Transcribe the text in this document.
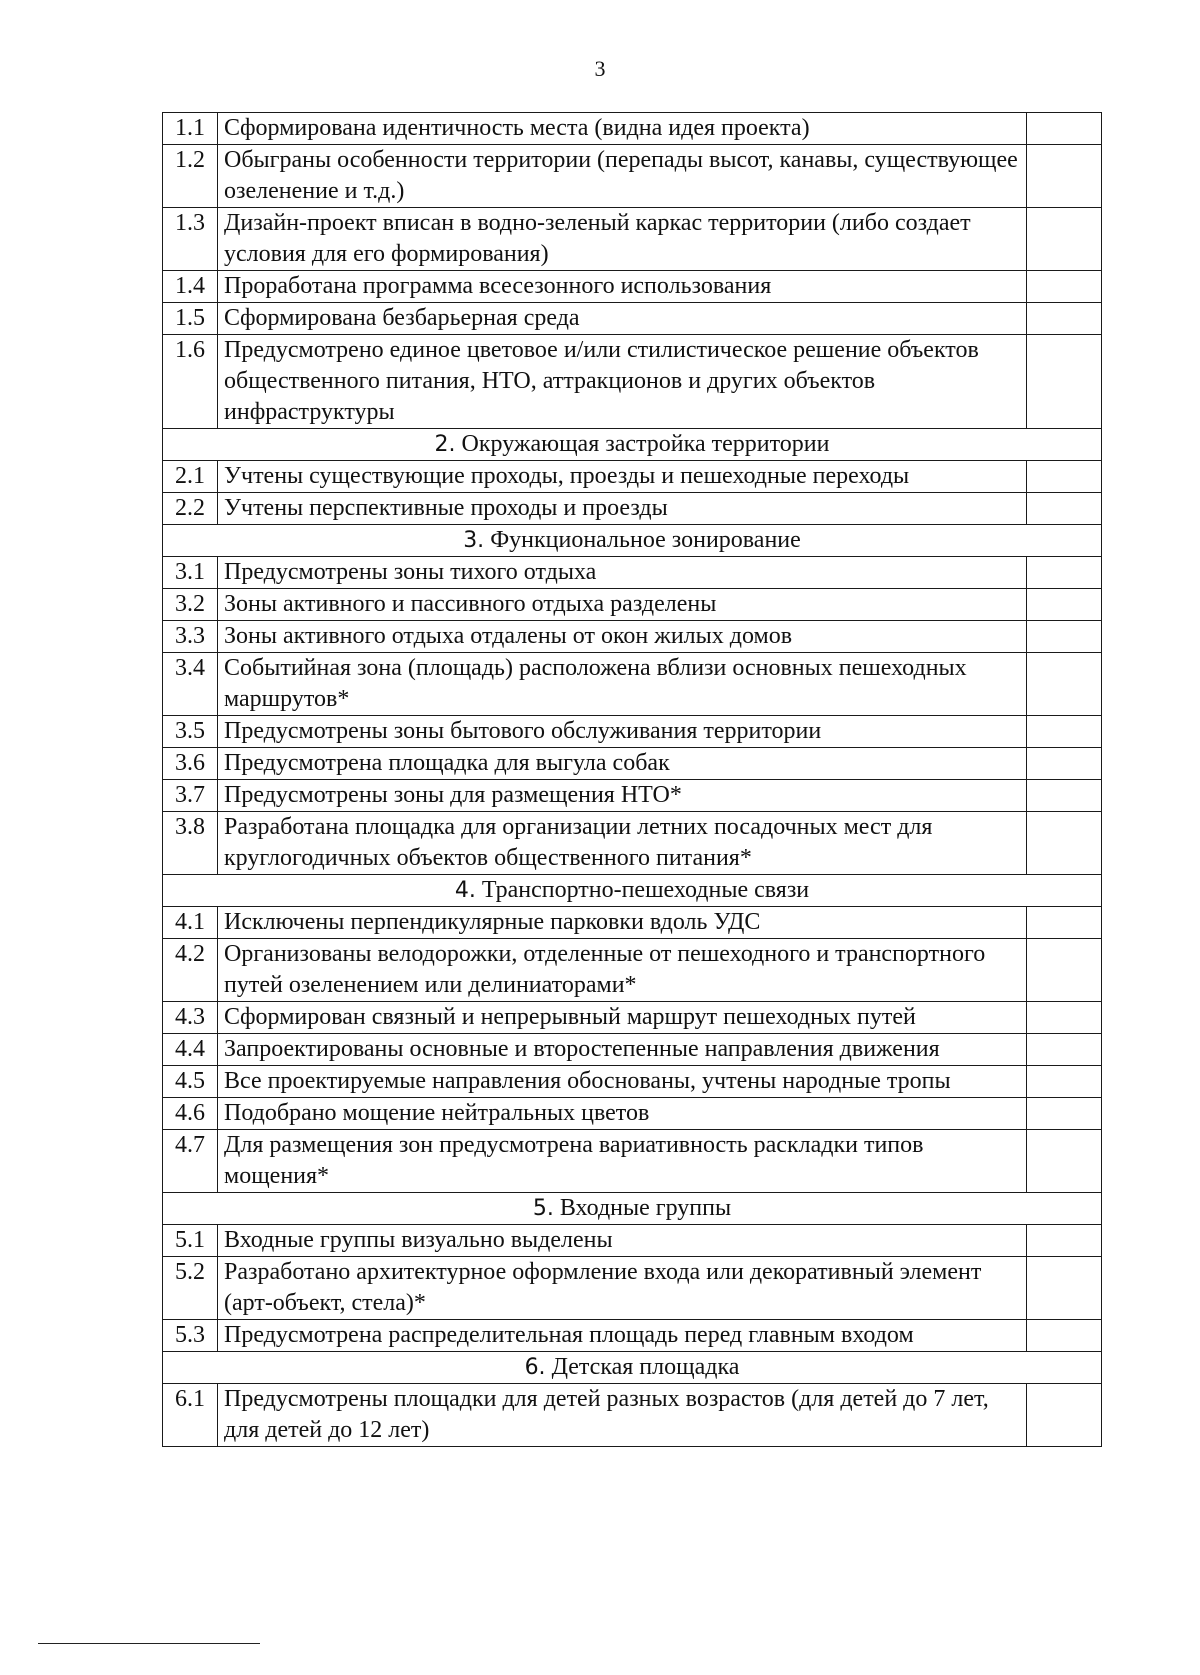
3
1.1	Сформирована идентичность места (видна идея проекта)	
1.2	Обыграны особенности территории (перепады высот, канавы, существующее озеленение и т.д.)	
1.3	Дизайн-проект вписан в водно-зеленый каркас территории (либо создает условия для его формирования)	
1.4	Проработана программа всесезонного использования	
1.5	Сформирована безбарьерная среда	
1.6	Предусмотрено единое цветовое и/или стилистическое решение объектов общественного питания, НТО, аттракционов и других объектов инфраструктуры	
2. Окружающая застройка территории		
2.1	Учтены существующие проходы, проезды и пешеходные переходы	
2.2	Учтены перспективные проходы и проезды	
3. Функциональное зонирование		
3.1	Предусмотрены зоны тихого отдыха	
3.2	Зоны активного и пассивного отдыха разделены	
3.3	Зоны активного отдыха отдалены от окон жилых домов	
3.4	Событийная зона (площадь) расположена вблизи основных пешеходных маршрутов*	
3.5	Предусмотрены зоны бытового обслуживания территории	
3.6	Предусмотрена площадка для выгула собак	
3.7	Предусмотрены зоны для размещения НТО*	
3.8	Разработана площадка для организации летних посадочных мест для круглогодичных объектов общественного питания*	
4. Транспортно-пешеходные связи		
4.1	Исключены перпендикулярные парковки вдоль УДС	
4.2	Организованы велодорожки, отделенные от пешеходного и транспортного путей озеленением или делиниаторами*	
4.3	Сформирован связный и непрерывный маршрут пешеходных путей	
4.4	Запроектированы основные и второстепенные направления движения	
4.5	Все проектируемые направления обоснованы, учтены народные тропы	
4.6	Подобрано мощение нейтральных цветов	
4.7	Для размещения зон предусмотрена вариативность раскладки типов мощения*	
5. Входные группы		
5.1	Входные группы визуально выделены	
5.2	Разработано архитектурное оформление входа или декоративный элемент (арт-объект, стела)*	
5.3	Предусмотрена распределительная площадь перед главным входом	
6. Детская площадка		
6.1	Предусмотрены площадки для детей разных возрастов (для детей до 7 лет, для детей до 12 лет)	
